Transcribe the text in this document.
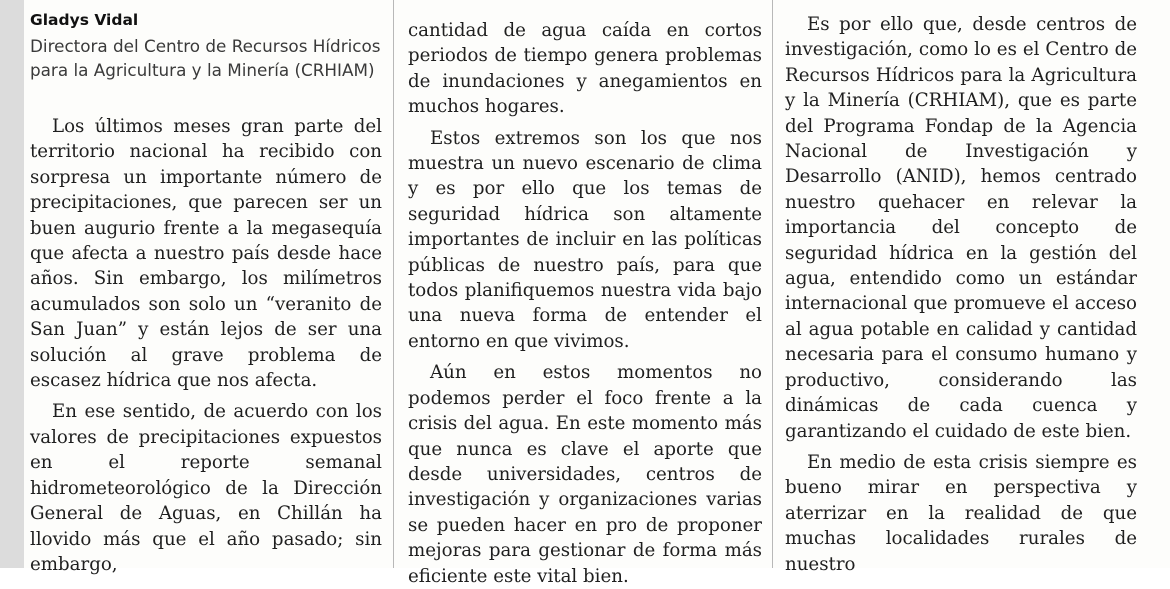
Gladys Vidal
Directora del Centro de Recursos Hídricos para la Agricultura y la Minería (CRHIAM)

Los últimos meses gran parte del territorio nacional ha recibido con sorpresa un importante número de precipitaciones, que parecen ser un buen augurio frente a la megasequía que afecta a nuestro país desde hace años. Sin embargo, los milímetros acumulados son solo un “veranito de San Juan” y están lejos de ser una solución al grave problema de escasez hídrica que nos afecta.

En ese sentido, de acuerdo con los valores de precipitaciones expuestos en el reporte semanal hidrometeorológico de la Dirección General de Aguas, en Chillán ha llovido más que el año pasado; sin embargo,

cantidad de agua caída en cortos periodos de tiempo genera problemas de inundaciones y anegamientos en muchos hogares.

Estos extremos son los que nos muestra un nuevo escenario de clima y es por ello que los temas de seguridad hídrica son altamente importantes de incluir en las políticas públicas de nuestro país, para que todos planifiquemos nuestra vida bajo una nueva forma de entender el entorno en que vivimos.

Aún en estos momentos no podemos perder el foco frente a la crisis del agua. En este momento más que nunca es clave el aporte que desde universidades, centros de investigación y organizaciones varias se pueden hacer en pro de proponer mejoras para gestionar de forma más eficiente este vital bien.

Es por ello que, desde centros de investigación, como lo es el Centro de Recursos Hídricos para la Agricultura y la Minería (CRHIAM), que es parte del Programa Fondap de la Agencia Nacional de Investigación y Desarrollo (ANID), hemos centrado nuestro quehacer en relevar la importancia del concepto de seguridad hídrica en la gestión del agua, entendido como un estándar internacional que promueve el acceso al agua potable en calidad y cantidad necesaria para el consumo humano y productivo, considerando las dinámicas de cada cuenca y garantizando el cuidado de este bien.

En medio de esta crisis siempre es bueno mirar en perspectiva y aterrizar en la realidad de que muchas localidades rurales de nuestro
